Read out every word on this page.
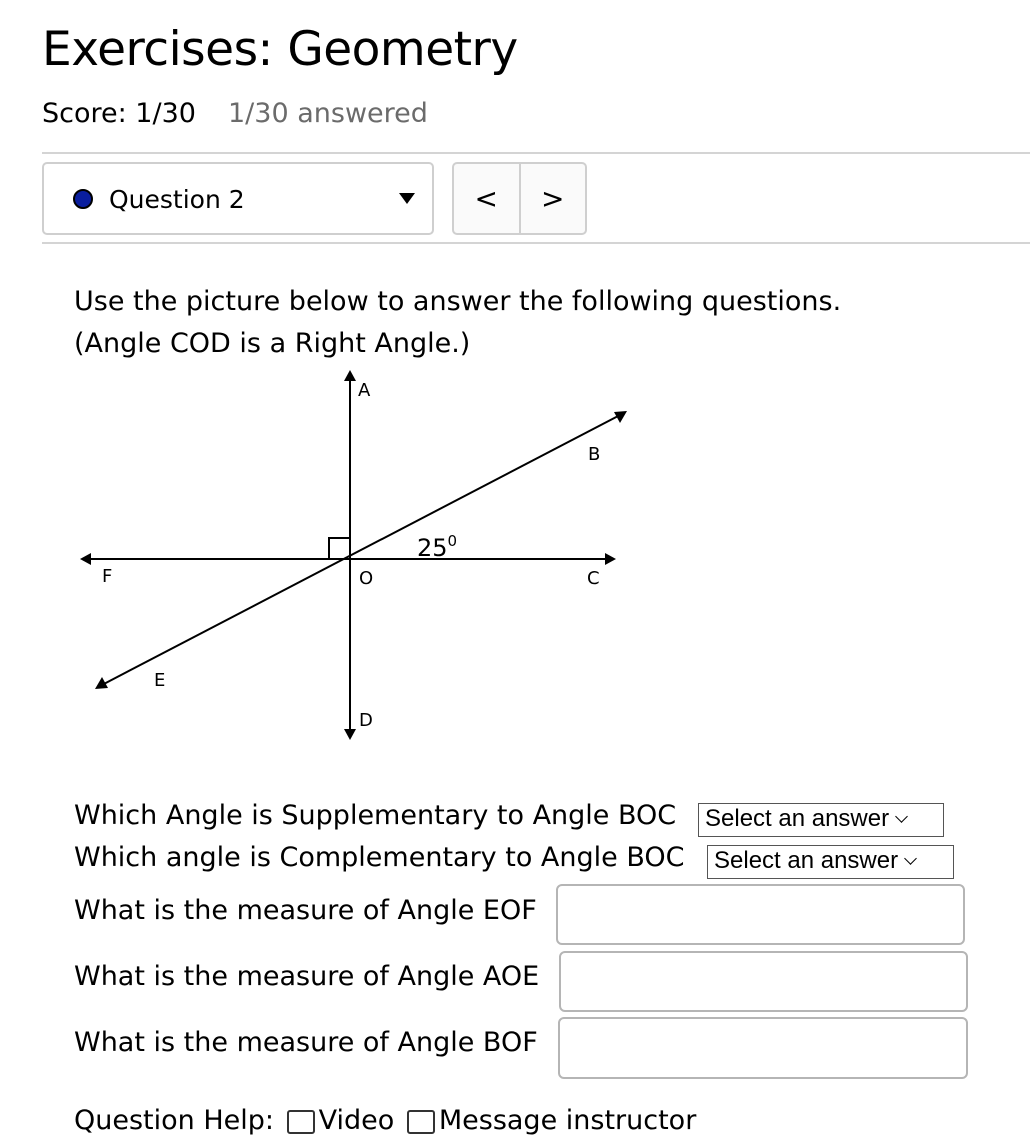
Exercises: Geometry
Score: 1/30 1/30 answered
Question 2	< >
Use the picture below to answer the following questions.
(Angle COD is a Right Angle.)
A
B
C
D
E
F	O
$25^0$
Which Angle is Supplementary to Angle BOC Select an answer
Which angle is Complementary to Angle BOC Select an answer
What is the measure of Angle EOF
What is the measure of Angle AOE
What is the measure of Angle BOF
Question Help: Video Message instructor
